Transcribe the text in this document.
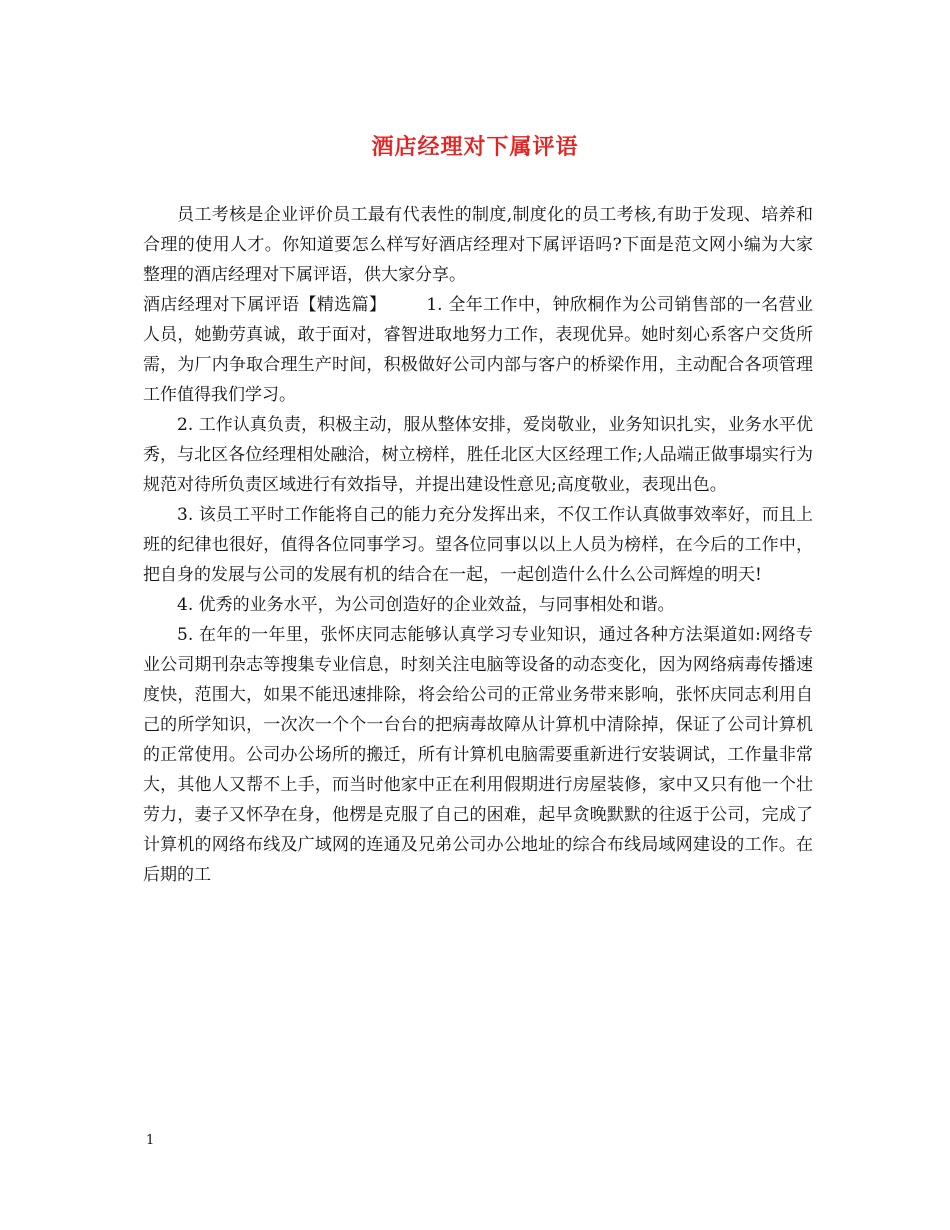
酒店经理对下属评语

员工考核是企业评价员工最有代表性的制度,制度化的员工考核,有助于发现、培养和合理的使用人才。你知道要怎么样写好酒店经理对下属评语吗?下面是范文网小编为大家整理的酒店经理对下属评语，供大家分享。

酒店经理对下属评语【精选篇】 1. 全年工作中，钟欣桐作为公司销售部的一名营业人员，她勤劳真诚，敢于面对，睿智进取地努力工作，表现优异。她时刻心系客户交货所需，为厂内争取合理生产时间，积极做好公司内部与客户的桥梁作用，主动配合各项管理工作值得我们学习。

2. 工作认真负责，积极主动，服从整体安排，爱岗敬业，业务知识扎实，业务水平优秀，与北区各位经理相处融洽，树立榜样，胜任北区大区经理工作;人品端正做事塌实行为规范对待所负责区域进行有效指导，并提出建设性意见;高度敬业，表现出色。

3. 该员工平时工作能将自己的能力充分发挥出来，不仅工作认真做事效率好，而且上班的纪律也很好，值得各位同事学习。望各位同事以以上人员为榜样，在今后的工作中，把自身的发展与公司的发展有机的结合在一起，一起创造什么什么公司辉煌的明天!

4. 优秀的业务水平，为公司创造好的企业效益，与同事相处和谐。

5. 在年的一年里，张怀庆同志能够认真学习专业知识，通过各种方法渠道如:网络专业公司期刊杂志等搜集专业信息，时刻关注电脑等设备的动态变化，因为网络病毒传播速度快，范围大，如果不能迅速排除，将会给公司的正常业务带来影响，张怀庆同志利用自己的所学知识，一次次一个个一台台的把病毒故障从计算机中清除掉，保证了公司计算机的正常使用。公司办公场所的搬迁，所有计算机电脑需要重新进行安装调试，工作量非常大，其他人又帮不上手，而当时他家中正在利用假期进行房屋装修，家中又只有他一个壮劳力，妻子又怀孕在身，他楞是克服了自己的困难，起早贪晚默默的往返于公司，完成了计算机的网络布线及广域网的连通及兄弟公司办公地址的综合布线局域网建设的工作。在后期的工

1
